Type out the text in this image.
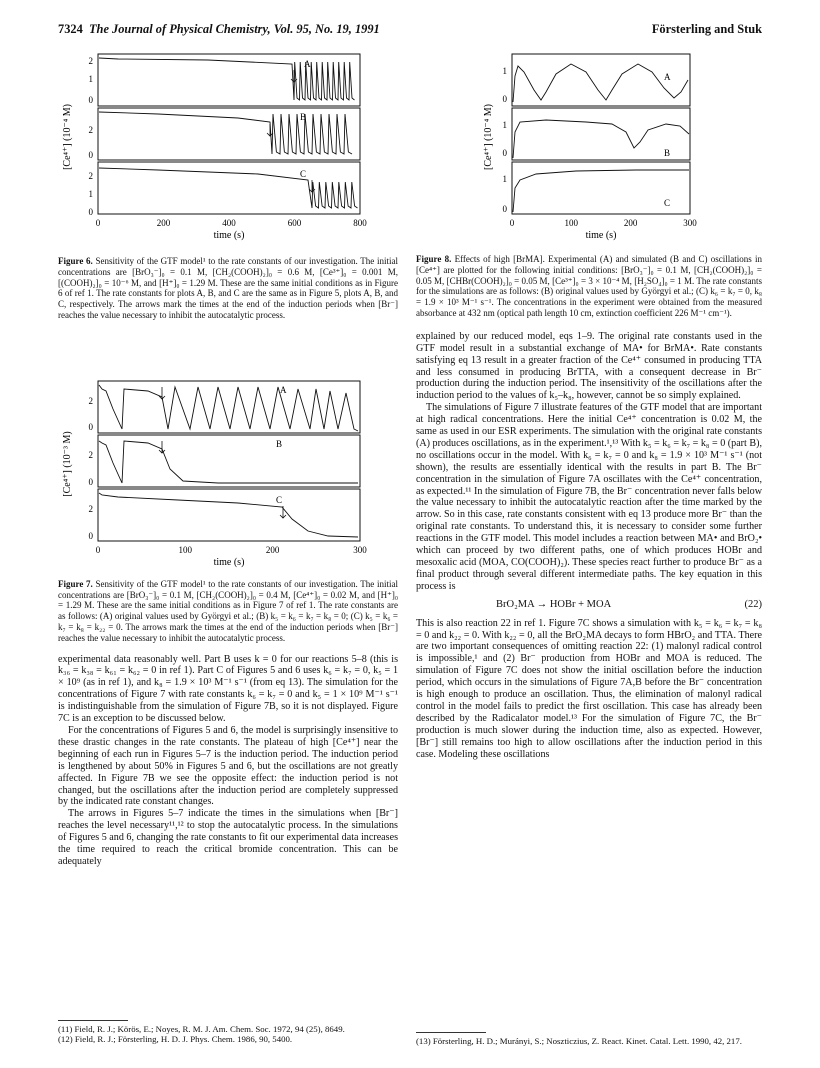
7324 The Journal of Physical Chemistry, Vol. 95, No. 19, 1991	Försterling and Stuk
[Ce⁴⁺] (10⁻⁴ M)
2
1
0
A
2
0
B
2
1
0
C
0	200	400	600	800
time (s)
Figure 6. Sensitivity of the GTF model¹ to the rate constants of our investigation. The initial concentrations are [BrO₃⁻]₀ = 0.1 M, [CH₂(COOH)₂]₀ = 0.6 M, [Ce³⁺]₀ = 0.001 M, [(COOH)₂]₀ = 10⁻⁶ M, and [H⁺]₀ = 1.29 M. These are the same initial conditions as in Figure 6 of ref 1. The rate constants for plots A, B, and C are the same as in Figure 5, plots A, B, and C, respectively. The arrows mark the times at the end of the induction periods when [Br⁻] reaches the value necessary to inhibit the autocatalytic process.
[Ce⁴⁺] (10⁻³ M)
2
0
A
2
0
B
2
0
C
0	100	200	300
time (s)
Figure 7. Sensitivity of the GTF model¹ to the rate constants of our investigation. The initial concentrations are [BrO₃⁻]₀ = 0.1 M, [CH₂(COOH)₂]₀ = 0.4 M, [Ce⁴⁺]₀ = 0.02 M, and [H⁺]₀ = 1.29 M. These are the same initial conditions as in Figure 7 of ref 1. The rate constants are as follows: (A) original values used by Györgyi et al.; (B) k₅ = k₆ = k₇ = k₈ = 0; (C) k₅ = k₆ = k₇ = k₈ = k₂₂ = 0. The arrows mark the times at the end of the induction periods when [Br⁻] reaches the value necessary to inhibit the autocatalytic process.

experimental data reasonably well. Part B uses k = 0 for our reactions 5–8 (this is k₃₆ = k₃₈ = k₆₁ = k₆₂ = 0 in ref 1). Part C of Figures 5 and 6 uses k₆ = k₇ = 0, k₅ = 1 × 10⁹ (as in ref 1), and k₈ = 1.9 × 10³ M⁻¹ s⁻¹ (from eq 13). The simulation for the concentrations of Figure 7 with rate constants k₆ = k₇ = 0 and k₅ = 1 × 10⁹ M⁻¹ s⁻¹ is indistinguishable from the simulation of Figure 7B, so it is not displayed. Figure 7C is an exception to be discussed below.

For the concentrations of Figures 5 and 6, the model is surprisingly insensitive to these drastic changes in the rate constants. The plateau of high [Ce⁴⁺] near the beginning of each run in Figures 5–7 is the induction period. The induction period is lengthened by about 50% in Figures 5 and 6, but the oscillations are not greatly affected. In Figure 7B we see the opposite effect: the induction period is not changed, but the oscillations after the induction period are completely suppressed by the indicated rate constant changes.

The arrows in Figures 5–7 indicate the times in the simulations when [Br⁻] reaches the level necessary¹¹,¹² to stop the autocatalytic process. In the simulations of Figures 5 and 6, changing the rate constants to fit our experimental data increases the time required to reach the critical bromide concentration. This can be adequately

(11) Field, R. J.; Körös, E.; Noyes, R. M. J. Am. Chem. Soc. 1972, 94 (25), 8649.

(12) Field, R. J.; Försterling, H. D. J. Phys. Chem. 1986, 90, 5400.

[Ce⁴⁺] (10⁻⁴ M)
1
0
A
1
0	B
1
0
C
0	100	200	300
time (s)
Figure 8. Effects of high [BrMA]. Experimental (A) and simulated (B and C) oscillations in [Ce⁴⁺] are plotted for the following initial conditions: [BrO₃⁻]₀ = 0.1 M, [CH₂(COOH)₂]₀ = 0.05 M, [CHBr(COOH)₂]₀ = 0.05 M, [Ce³⁺]₀ = 3 × 10⁻⁴ M, [H₂SO₄]₀ = 1 M. The rate constants for the simulations are as follows: (B) original values used by Györgyi et al.; (C) k₆ = k₇ = 0, k₈ = 1.9 × 10³ M⁻¹ s⁻¹. The concentrations in the experiment were obtained from the measured absorbance at 432 nm (optical path length 10 cm, extinction coefficient 226 M⁻¹ cm⁻¹).

explained by our reduced model, eqs 1–9. The original rate constants used in the GTF model result in a substantial exchange of MA• for BrMA•. Rate constants satisfying eq 13 result in a greater fraction of the Ce⁴⁺ consumed in producing TTA and less consumed in producing BrTTA, with a consequent decrease in Br⁻ production during the induction period. The insensitivity of the oscillations after the induction period to the values of k₅–k₈, however, cannot be so simply explained.

The simulations of Figure 7 illustrate features of the GTF model that are important at high radical concentrations. Here the initial Ce⁴⁺ concentration is 0.02 M, the same as used in our ESR experiments. The simulation with the original rate constants (A) produces oscillations, as in the experiment.¹,¹³ With k₅ = k₆ = k₇ = k₈ = 0 (part B), no oscillations occur in the model. With k₆ = k₇ = 0 and k₈ = 1.9 × 10³ M⁻¹ s⁻¹ (not shown), the results are essentially identical with the results in part B. The Br⁻ concentration in the simulation of Figure 7A oscillates with the Ce⁴⁺ concentration, as expected.¹¹ In the simulation of Figure 7B, the Br⁻ concentration never falls below the value necessary to inhibit the autocatalytic reaction after the time marked by the arrow. So in this case, rate constants consistent with eq 13 produce more Br⁻ than the original rate constants. To understand this, it is necessary to consider some further reactions in the GTF model. This model includes a reaction between MA• and BrO₂• which can proceed by two different paths, one of which produces HOBr and mesoxalic acid (MOA, CO(COOH)₂). These species react further to produce Br⁻ as a final product through several different intermediate paths. The key equation in this process is

BrO₂MA → HOBr + MOA	(22)

This is also reaction 22 in ref 1. Figure 7C shows a simulation with k₅ = k₆ = k₇ = k₈ = 0 and k₂₂ = 0. With k₂₂ = 0, all the BrO₂MA decays to form HBrO₂ and TTA. There are two important consequences of omitting reaction 22: (1) malonyl radical control is impossible,¹ and (2) Br⁻ production from HOBr and MOA is reduced. The simulation of Figure 7C does not show the initial oscillation before the induction period, which occurs in the simulations of Figure 7A,B before the Br⁻ concentration is high enough to produce an oscillation. Thus, the elimination of malonyl radical control in the model fails to predict the first oscillation. This case has already been described by the Radicalator model.¹³ For the simulation of Figure 7C, the Br⁻ production is much slower during the induction time, also as expected. However, [Br⁻] still remains too high to allow oscillations after the induction period in this case. Modeling these oscillations

(13) Försterling, H. D.; Murányi, S.; Noszticzius, Z. React. Kinet. Catal. Lett. 1990, 42, 217.
